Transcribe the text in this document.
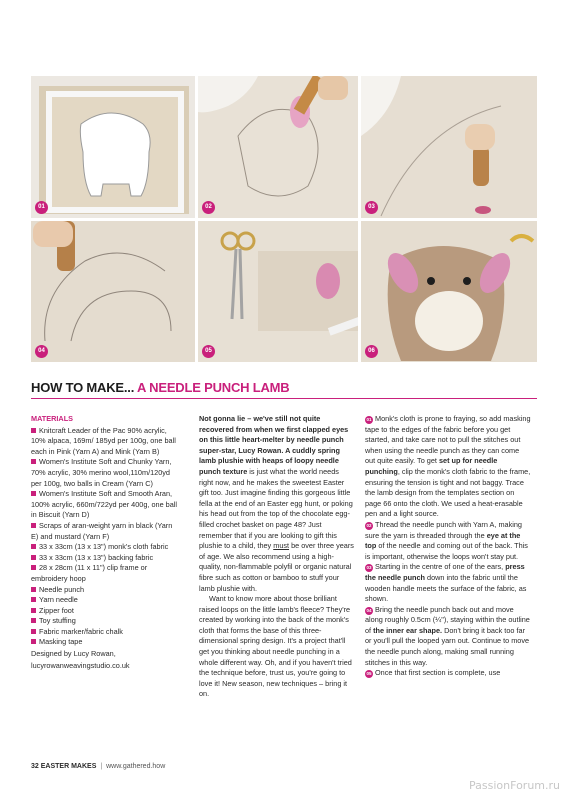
01	02	03
04	05	06
HOW TO MAKE... A NEEDLE PUNCH LAMB
MATERIALS
Knitcraft Leader of the Pac 90% acrylic, 10% alpaca, 169m/ 185yd per 100g, one ball each in Pink (Yarn A) and Mink (Yarn B)
Women's Institute Soft and Chunky Yarn, 70% acrylic, 30% merino wool,110m/120yd per 100g, two balls in Cream (Yarn C)
Women's Institute Soft and Smooth Aran, 100% acrylic, 660m/722yd per 400g, one ball in Biscuit (Yarn D)
Scraps of aran-weight yarn in black (Yarn E) and mustard (Yarn F)
33 x 33cm (13 x 13") monk's cloth fabric
33 x 33cm (13 x 13") backing fabric
28 x 28cm (11 x 11") clip frame or embroidery hoop
Needle punch
Yarn needle
Zipper foot
Toy stuffing
Fabric marker/fabric chalk
Masking tape
Designed by Lucy Rowan,
lucyrowanweavingstudio.co.uk

Not gonna lie – we've still not quite recovered from when we first clapped eyes on this little heart-melter by needle punch super-star, Lucy Rowan. A cuddly spring lamb plushie with heaps of loopy needle punch texture is just what the world needs right now, and he makes the sweetest Easter gift too. Just imagine finding this gorgeous little fella at the end of an Easter egg hunt, or poking his head out from the top of the chocolate egg-filled crochet basket on page 48? Just remember that if you are looking to gift this plushie to a child, they must be over three years of age. We also recommend using a high-quality, non-flammable polyfil or organic natural fibre such as cotton or bamboo to stuff your lamb plushie with.

Want to know more about those brilliant raised loops on the little lamb's fleece? They're created by working into the back of the monk's cloth that forms the base of this three-dimensional spring design. It's a project that'll get you thinking about needle punching in a whole different way. Oh, and if you haven't tried the technique before, trust us, you're going to love it! New season, new techniques – bring it on.

01 Monk's cloth is prone to fraying, so add masking tape to the edges of the fabric before you get started, and take care not to pull the stitches out when using the needle punch as they can come out quite easily. To get set up for needle punching, clip the monk's cloth fabric to the frame, ensuring the tension is tight and not baggy. Trace the lamb design from the templates section on page 66 onto the cloth. We used a heat-erasable pen and a light source.

02 Thread the needle punch with Yarn A, making sure the yarn is threaded through the eye at the top of the needle and coming out of the back. This is important, otherwise the loops won't stay put.

03 Starting in the centre of one of the ears, press the needle punch down into the fabric until the wooden handle meets the surface of the fabric, as shown.

04 Bring the needle punch back out and move along roughly 0.5cm (¼"), staying within the outline of the inner ear shape. Don't bring it back too far or you'll pull the looped yarn out. Continue to move the needle punch along, making small running stitches in this way.

05 Once that first section is complete, use

32 EASTER MAKES | www.gathered.how
PassionForum.ru
